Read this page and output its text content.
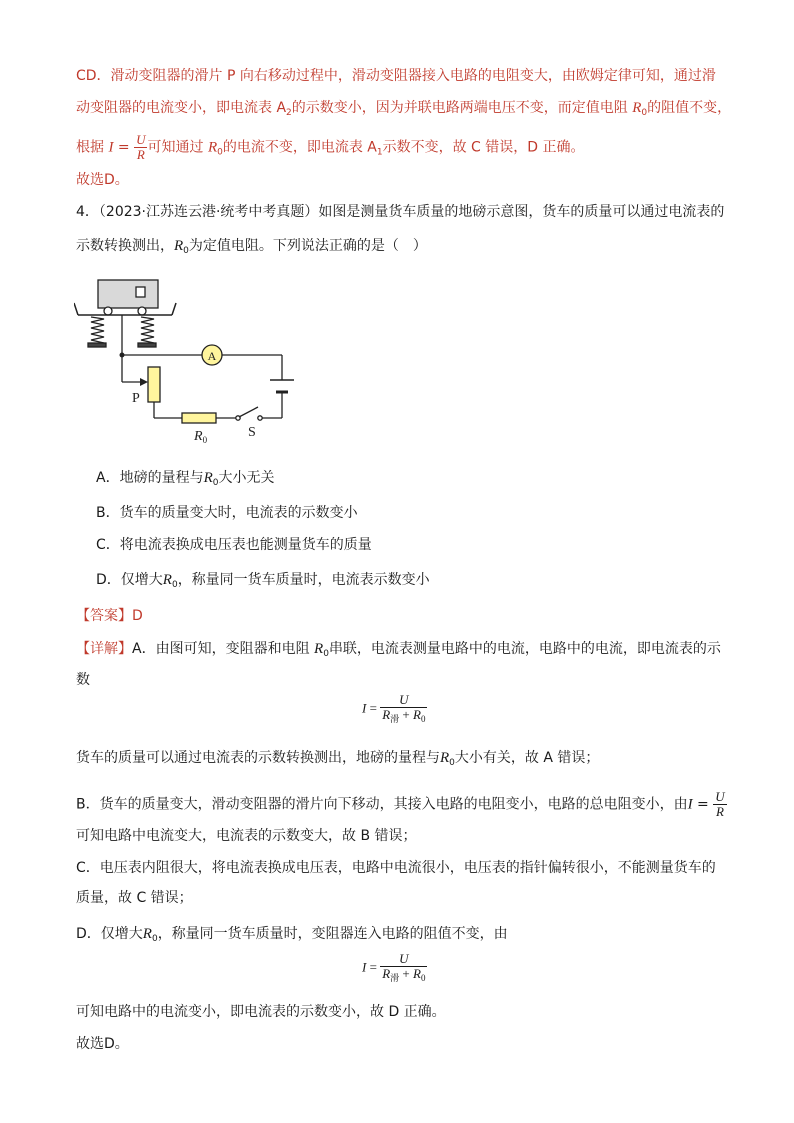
CD．滑动变阻器的滑片 P 向右移动过程中，滑动变阻器接入电路的电阻变大，由欧姆定律可知，通过滑
动变阻器的电流变小，即电流表 $A_2$的示数变小，因为并联电路两端电压不变，而定值电阻 $R_0$的阻值不变，
根据 $I = \frac{U}{R}$ 可知通过 $R_0$的电流不变，即电流表 $A_1$示数不变，故 C 错误，D 正确。
故选D。
4．（2023·江苏连云港·统考中考真题）如图是测量货车质量的地磅示意图，货车的质量可以通过电流表的
示数转换测出，$R_0$为定值电阻。下列说法正确的是（　）
A
P
$R_0$	S
A．地磅的量程与$R_0$大小无关
B．货车的质量变大时，电流表的示数变小
C．将电流表换成电压表也能测量货车的质量
D．仅增大$R_0$，称量同一货车质量时，电流表示数变小
【答案】D
【详解】A．由图可知，变阻器和电阻 $R_0$串联，电流表测量电路中的电流，电路中的电流，即电流表的示
数
$I = \frac{U}{R_滑 + R_0}$
货车的质量可以通过电流表的示数转换测出，地磅的量程与$R_0$大小有关，故 A 错误；
B．货车的质量变大，滑动变阻器的滑片向下移动，其接入电路的电阻变小，电路的总电阻变小，由$I = \frac{U}{R}$
可知电路中电流变大，电流表的示数变大，故 B 错误；
C．电压表内阻很大，将电流表换成电压表，电路中电流很小，电压表的指针偏转很小，不能测量货车的
质量，故 C 错误；
D．仅增大$R_0$，称量同一货车质量时，变阻器连入电路的阻值不变，由
$I = \frac{U}{R_滑 + R_0}$
可知电路中的电流变小，即电流表的示数变小，故 D 正确。
故选D。
